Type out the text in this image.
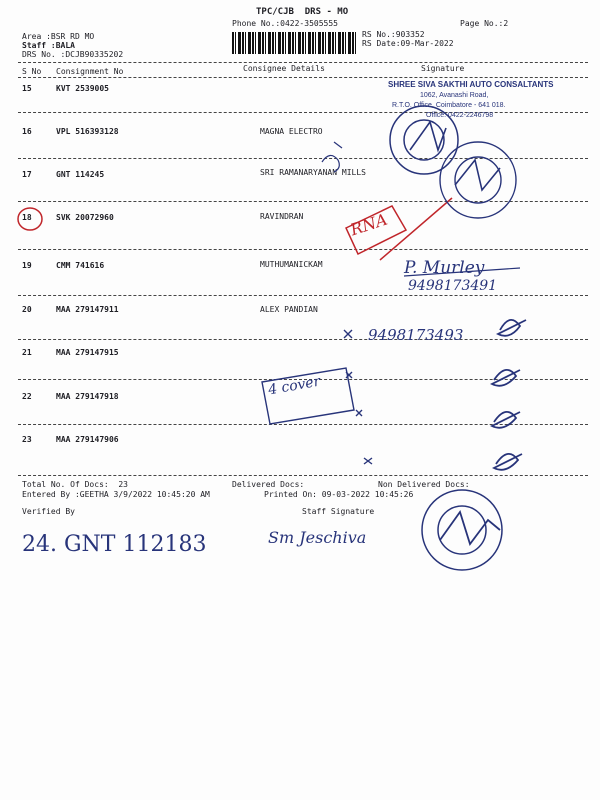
TPC/CJB  DRS - MO
Phone No.:0422-3505555	Page No.:2
Area :BSR RD MO
Staff :BALA
DRS No. :DCJB90335202
RS No.:903352
RS Date:09-Mar-2022
S No Consignment No	Consignee Details	Signature
15	KVT 2539005
16	VPL 516393128	MAGNA ELECTRO
17	GNT 114245	SRI RAMANARYANAN MILLS
18	SVK 20072960	RAVINDRAN
19	CMM 741616	MUTHUMANICKAM
20	MAA 279147911	ALEX PANDIAN
21	MAA 279147915
22	MAA 279147918
23	MAA 279147906
Total No. Of Docs:  23	Delivered Docs:	Non Delivered Docs:
Entered By :GEETHA 3/9/2022 10:45:20 AM	Printed On: 09-03-2022 10:45:26
Verified By	Staff Signature
SHREE SIVA SAKTHI AUTO CONSALTANTS
1062, Avanashi Road,
R.T.O. Office, Coimbatore - 641 018.
Office: 0422-2246798
RNA
P. Murley
9498173491
9498173493
4 cover
24. GNT 112183	Sm Jeschiva
